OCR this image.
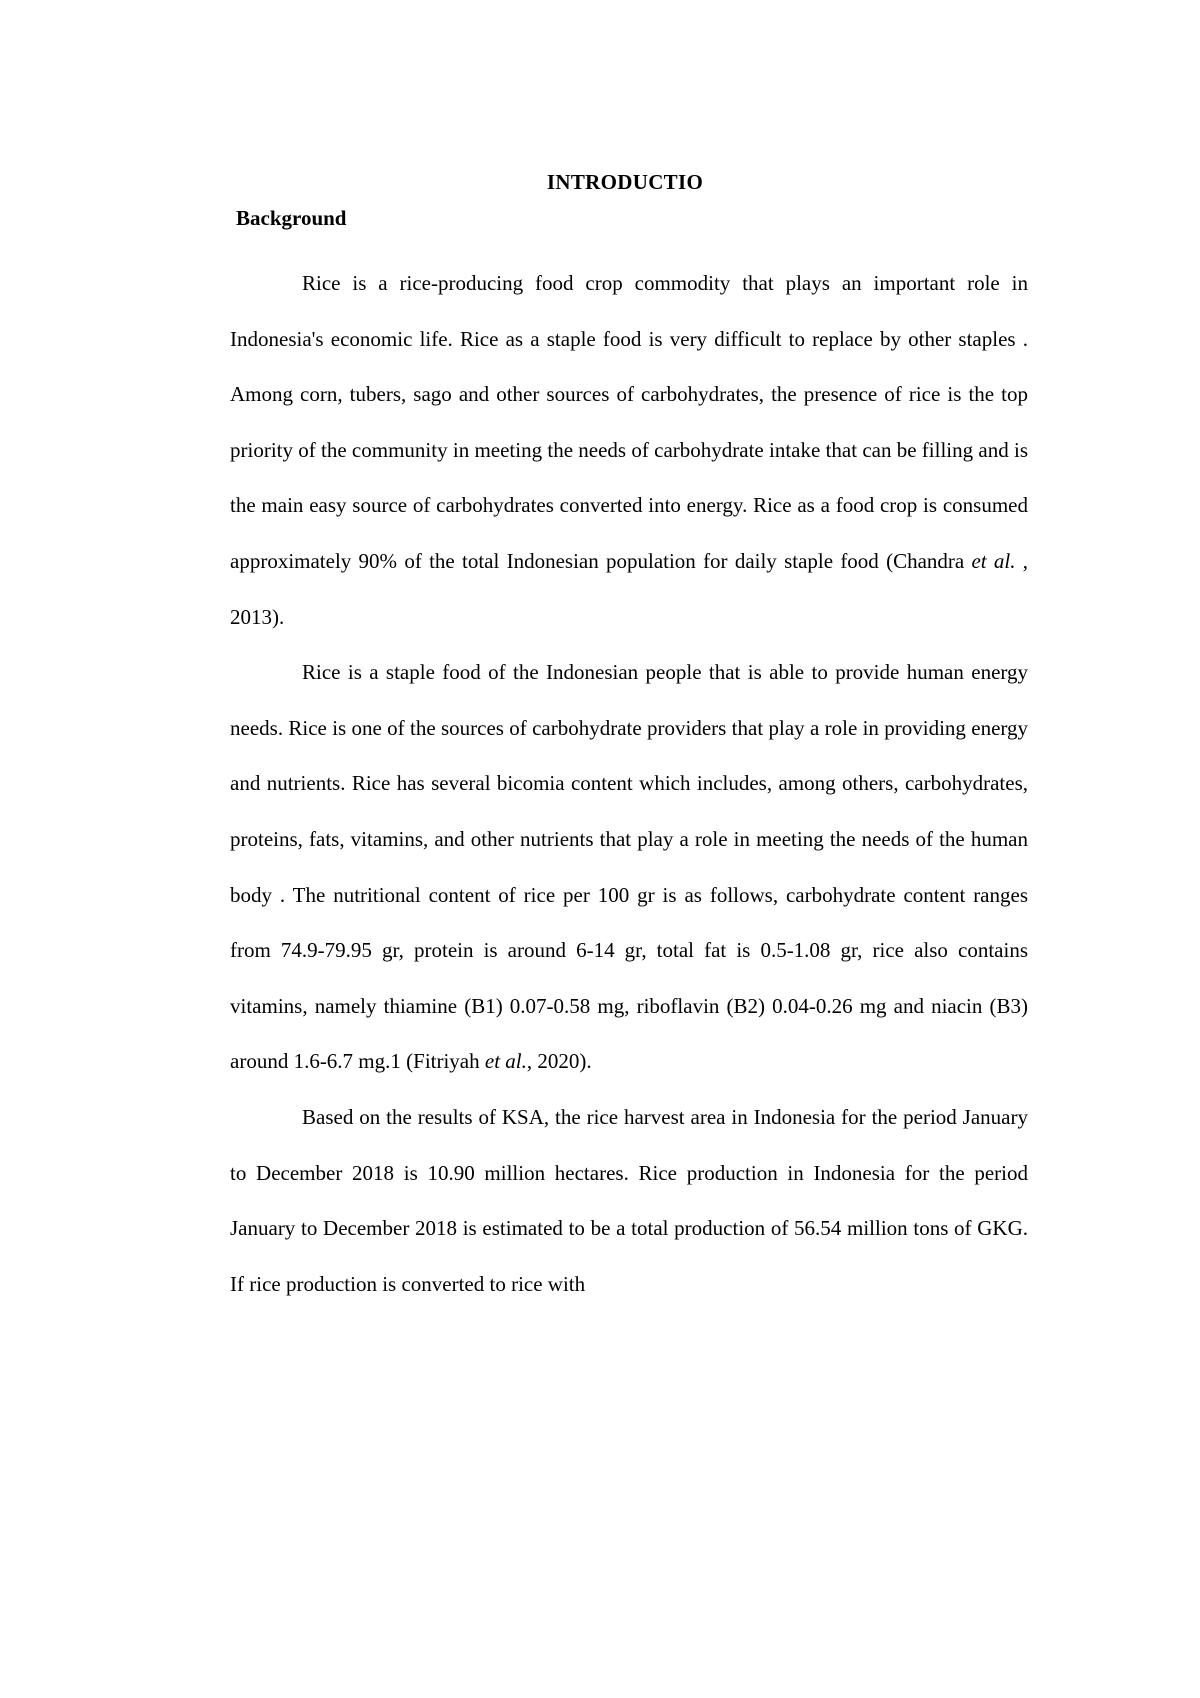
INTRODUCTIO
Background

Rice is a rice-producing food crop commodity that plays an important role in Indonesia's economic life. Rice as a staple food is very difficult to replace by other staples . Among corn, tubers, sago and other sources of carbohydrates, the presence of rice is the top priority of the community in meeting the needs of carbohydrate intake that can be filling and is the main easy source of carbohydrates converted into energy. Rice as a food crop is consumed approximately 90% of the total Indonesian population for daily staple food (Chandra et al. , 2013).

Rice is a staple food of the Indonesian people that is able to provide human energy needs. Rice is one of the sources of carbohydrate providers that play a role in providing energy and nutrients. Rice has several bicomia content which includes, among others, carbohydrates, proteins, fats, vitamins, and other nutrients that play a role in meeting the needs of the human body . The nutritional content of rice per 100 gr is as follows, carbohydrate content ranges from 74.9-79.95 gr, protein is around 6-14 gr, total fat is 0.5-1.08 gr, rice also contains vitamins, namely thiamine (B1) 0.07-0.58 mg, riboflavin (B2) 0.04-0.26 mg and niacin (B3) around 1.6-6.7 mg.1 (Fitriyah et al., 2020).

Based on the results of KSA, the rice harvest area in Indonesia for the period January to December 2018 is 10.90 million hectares. Rice production in Indonesia for the period January to December 2018 is estimated to be a total production of 56.54 million tons of GKG. If rice production is converted to rice with
